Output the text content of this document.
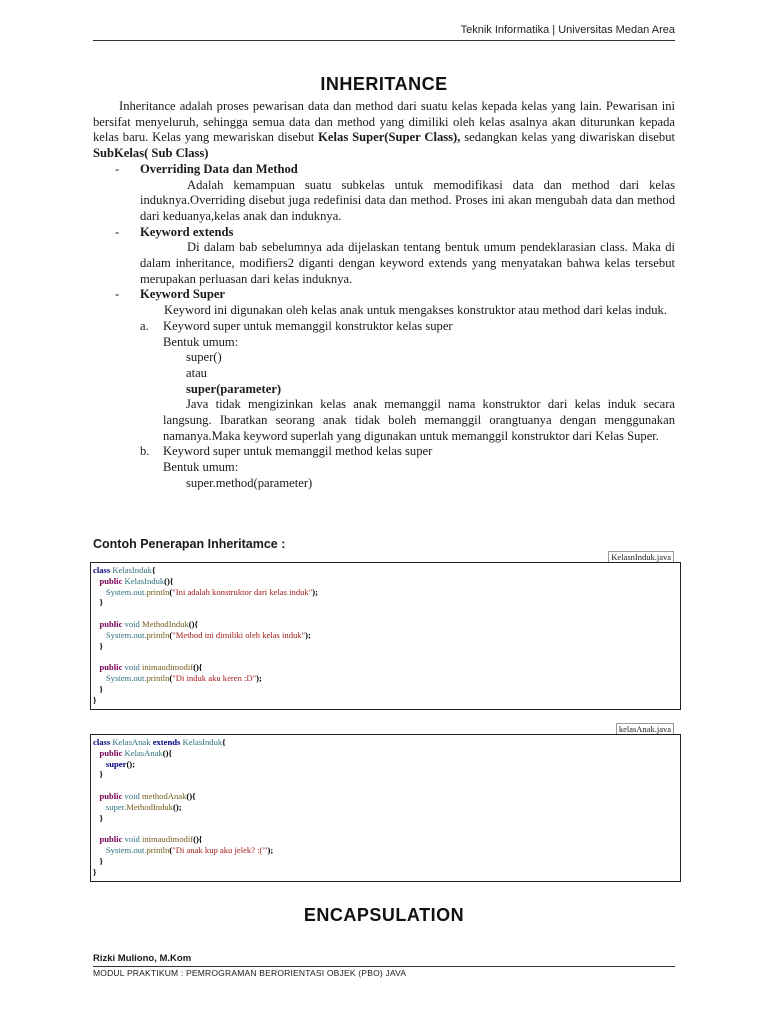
Teknik Informatika | Universitas Medan Area
INHERITANCE

Inheritance adalah proses pewarisan data dan method dari suatu kelas kepada kelas yang lain. Pewarisan ini bersifat menyeluruh, sehingga semua data dan method yang dimiliki oleh kelas asalnya akan diturunkan kepada kelas baru. Kelas yang mewariskan disebut Kelas Super(Super Class), sedangkan kelas yang diwariskan disebut SubKelas( Sub Class)

- Overriding Data dan Method

Adalah kemampuan suatu subkelas untuk memodifikasi data dan method dari kelas induknya.Overriding disebut juga redefinisi data dan method. Proses ini akan mengubah data dan method dari keduanya,kelas anak dan induknya.

- Keyword extends

Di dalam bab sebelumnya ada dijelaskan tentang bentuk umum pendeklarasian class. Maka di dalam inheritance, modifiers2 diganti dengan keyword extends yang menyatakan bahwa kelas tersebut merupakan perluasan dari kelas induknya.

- Keyword Super

Keyword ini digunakan oleh kelas anak untuk mengakses konstruktor atau method dari kelas induk.

a. Keyword super untuk memanggil konstruktor kelas super

Bentuk umum:

super()

atau

super(parameter)

Java tidak mengizinkan kelas anak memanggil nama konstruktor dari kelas induk secara langsung. Ibaratkan seorang anak tidak boleh memanggil orangtuanya dengan menggunakan namanya.Maka keyword superlah yang digunakan untuk memanggil konstruktor dari Kelas Super.

b. Keyword super untuk memanggil method kelas super

Bentuk umum:

super.method(parameter)

Contoh Penerapan Inheritamce :
KelasnInduk.java
class KelasInduk{
public KelasInduk(){
System.out.println("Ini adalah konstruktor dari kelas induk");
}

public void MethodInduk(){
System.out.println("Method ini dimiliki oleh kelas induk");
}

public void inimaudimodif(){
System.out.println("Di induk aku keren :D");
}
}
kelasAnak.java
class KelasAnak extends KelasInduk{
public KelasAnak(){
super();
}

public void methodAnak(){
super.MethodInduk();
}

public void inimaudimodif(){
System.out.println("Di anak kup aku jelek? :('");
}
}
ENCAPSULATION
Rizki Muliono, M.Kom
MODUL PRAKTIKUM : PEMROGRAMAN BERORIENTASI OBJEK (PBO) JAVA
